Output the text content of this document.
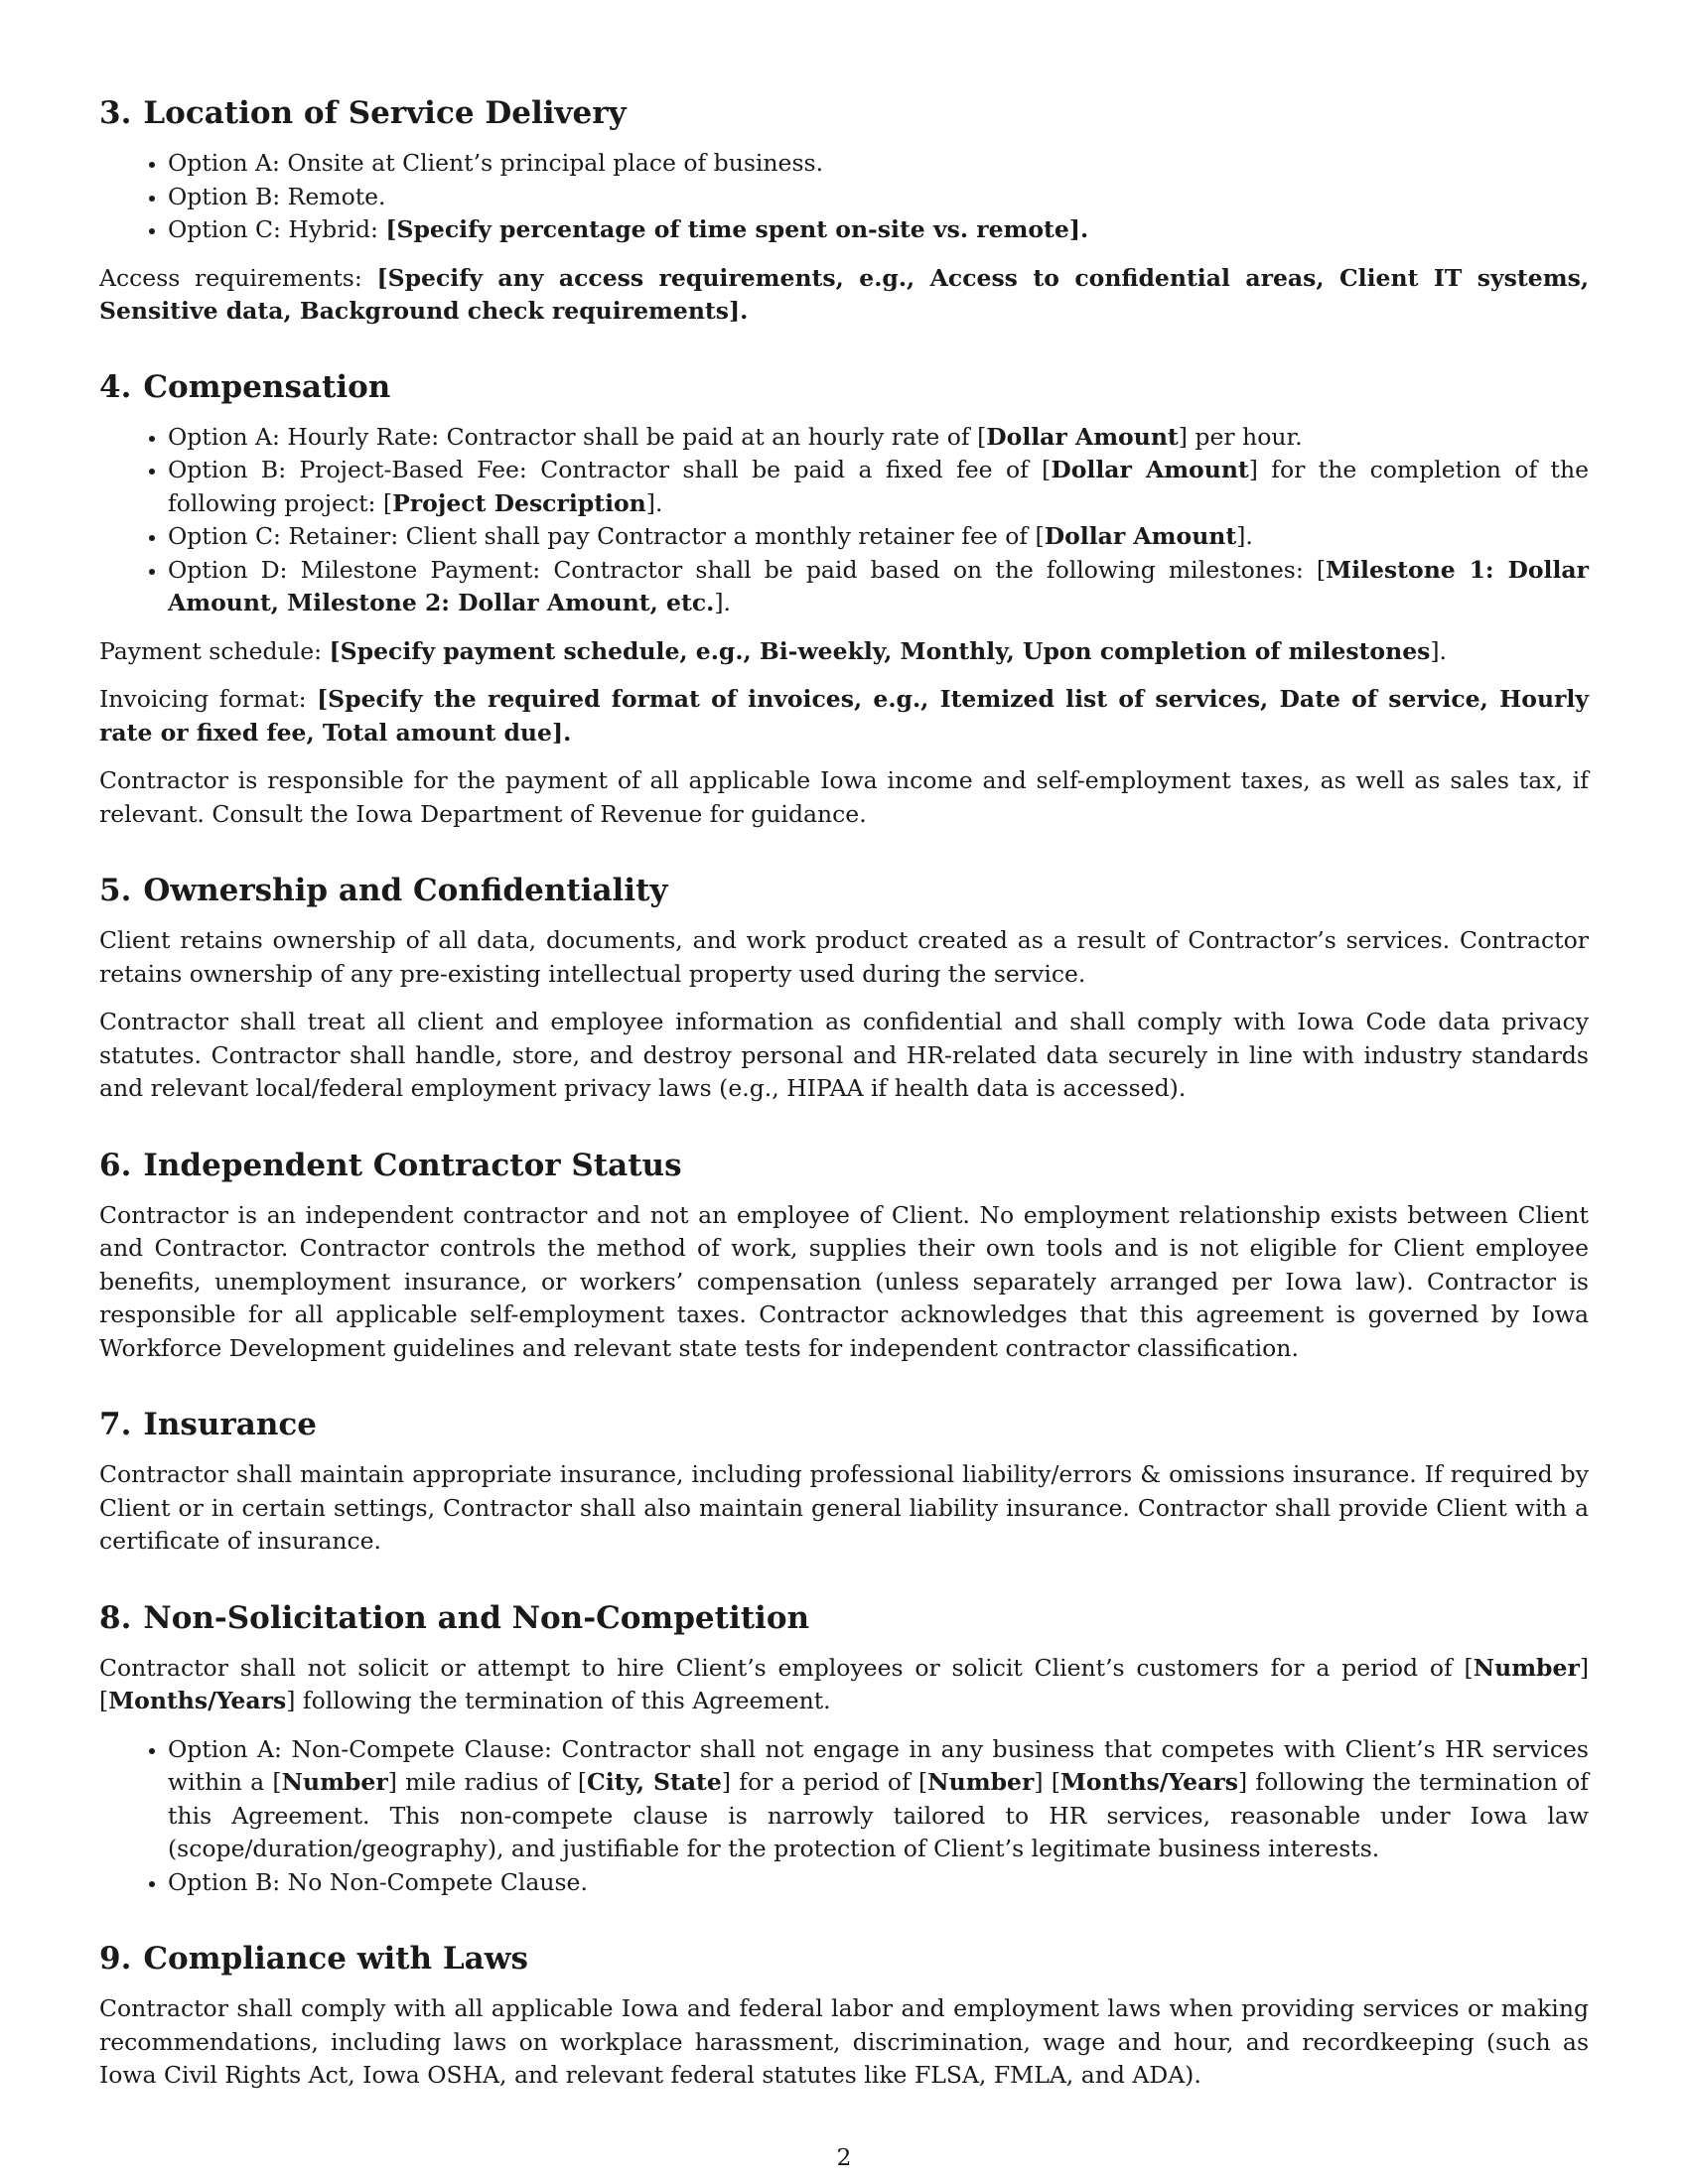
3. Location of Service Delivery
• Option A: Onsite at Client’s principal place of business.
• Option B: Remote.
• Option C: Hybrid: [Specify percentage of time spent on-site vs. remote].

Access requirements: [Specify any access requirements, e.g., Access to confidential areas, Client IT systems, Sensitive data, Background check requirements].

4. Compensation
• Option A: Hourly Rate: Contractor shall be paid at an hourly rate of [Dollar Amount] per hour.
• Option B: Project-Based Fee: Contractor shall be paid a fixed fee of [Dollar Amount] for the completion of the following project: [Project Description].
• Option C: Retainer: Client shall pay Contractor a monthly retainer fee of [Dollar Amount].
• Option D: Milestone Payment: Contractor shall be paid based on the following milestones: [Milestone 1: Dollar Amount, Milestone 2: Dollar Amount, etc.].

Payment schedule: [Specify payment schedule, e.g., Bi-weekly, Monthly, Upon completion of milestones].

Invoicing format: [Specify the required format of invoices, e.g., Itemized list of services, Date of service, Hourly rate or fixed fee, Total amount due].

Contractor is responsible for the payment of all applicable Iowa income and self-employment taxes, as well as sales tax, if relevant. Consult the Iowa Department of Revenue for guidance.

5. Ownership and Confidentiality

Client retains ownership of all data, documents, and work product created as a result of Contractor’s services. Contractor retains ownership of any pre-existing intellectual property used during the service.

Contractor shall treat all client and employee information as confidential and shall comply with Iowa Code data privacy statutes. Contractor shall handle, store, and destroy personal and HR-related data securely in line with industry standards and relevant local/federal employment privacy laws (e.g., HIPAA if health data is accessed).

6. Independent Contractor Status

Contractor is an independent contractor and not an employee of Client. No employment relationship exists between Client and Contractor. Contractor controls the method of work, supplies their own tools and is not eligible for Client employee benefits, unemployment insurance, or workers’ compensation (unless separately arranged per Iowa law). Contractor is responsible for all applicable self-employment taxes. Contractor acknowledges that this agreement is governed by Iowa Workforce Development guidelines and relevant state tests for independent contractor classification.

7. Insurance

Contractor shall maintain appropriate insurance, including professional liability/errors & omissions insurance. If required by Client or in certain settings, Contractor shall also maintain general liability insurance. Contractor shall provide Client with a certificate of insurance.

8. Non-Solicitation and Non-Competition

Contractor shall not solicit or attempt to hire Client’s employees or solicit Client’s customers for a period of [Number] [Months/Years] following the termination of this Agreement.

• Option A: Non-Compete Clause: Contractor shall not engage in any business that competes with Client’s HR services within a [Number] mile radius of [City, State] for a period of [Number] [Months/Years] following the termination of this Agreement. This non-compete clause is narrowly tailored to HR services, reasonable under Iowa law (scope/duration/geography), and justifiable for the protection of Client’s legitimate business interests.
• Option B: No Non-Compete Clause.
9. Compliance with Laws

Contractor shall comply with all applicable Iowa and federal labor and employment laws when providing services or making recommendations, including laws on workplace harassment, discrimination, wage and hour, and recordkeeping (such as Iowa Civil Rights Act, Iowa OSHA, and relevant federal statutes like FLSA, FMLA, and ADA).

2
